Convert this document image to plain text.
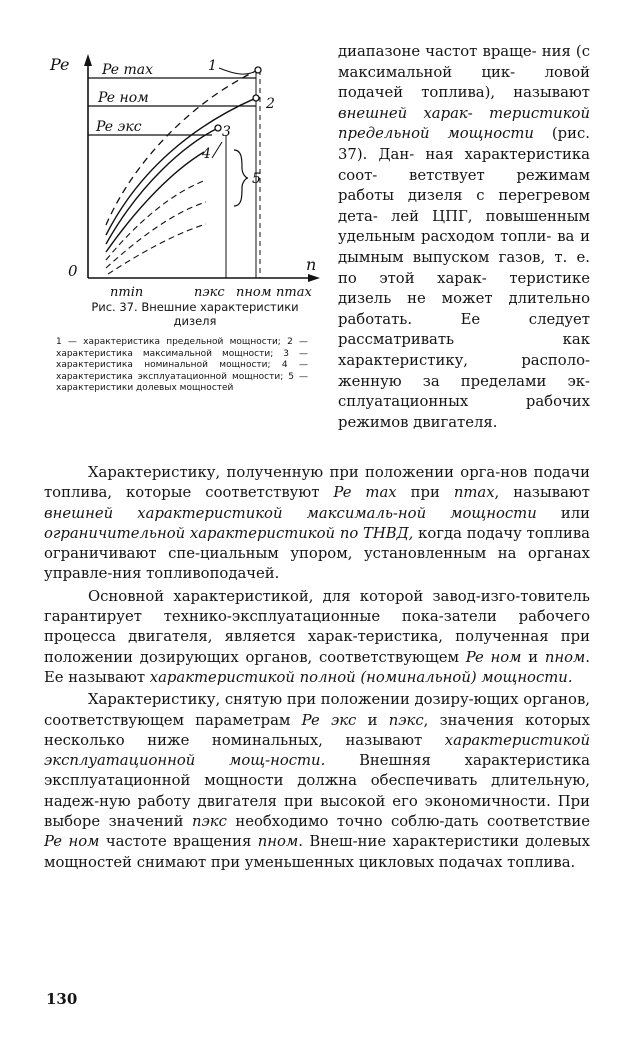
Pe
n
0
Pe max
Pe ном
Pe экс
nmin	nэкс nном nmax
1
2
3
4
5
Рис. 37. Внешние характеристики дизеля
1 — характеристика предельной мощности; 2 — характеристика максимальной мощности; 3 — характеристика номинальной мощности; 4 — характеристика эксплуатационной мощности; 5 — характеристики долевых мощностей
диапазоне частот враще- ния (с максимальной цик- ловой подачей топлива), называют внешней харак- теристикой предельной мощности (рис. 37). Дан- ная характеристика соот- ветствует режимам работы дизеля с перегревом дета- лей ЦПГ, повышенным удельным расходом топли- ва и дымным выпуском газов, т. е. по этой харак- теристике дизель не может длительно работать. Ее	следует рассматривать как характеристику, располо- женную за пределами эк- сплуатационных рабочих режимов двигателя.

Характеристику, полученную при положении орга-нов подачи топлива, которые соответствуют Pe max при nmax, называют внешней характеристикой максималь-ной мощности или ограничительной характеристикой по ТНВД, когда подачу топлива ограничивают спе-циальным упором, установленным на органах управле-ния топливоподачей.

Основной характеристикой, для которой завод-изго-товитель гарантирует технико-эксплуатационные пока-затели рабочего процесса двигателя, является харак-теристика, полученная при положении дозирующих органов, соответствующем Pe ном и nном. Ее называют характеристикой полной (номинальной) мощности.

Характеристику, снятую при положении дозиру-ющих органов, соответствующем параметрам Pe экс и nэкс, значения которых несколько ниже номинальных, называют характеристикой эксплуатационной мощ-ности. Внешняя характеристика эксплуатационной мощности должна обеспечивать длительную, надеж-ную работу двигателя при высокой его экономичности. При выборе значений nэкс необходимо точно соблю-дать соответствие Pe ном частоте вращения nном. Внеш-ние характеристики долевых мощностей снимают при уменьшенных цикловых подачах топлива.

130
